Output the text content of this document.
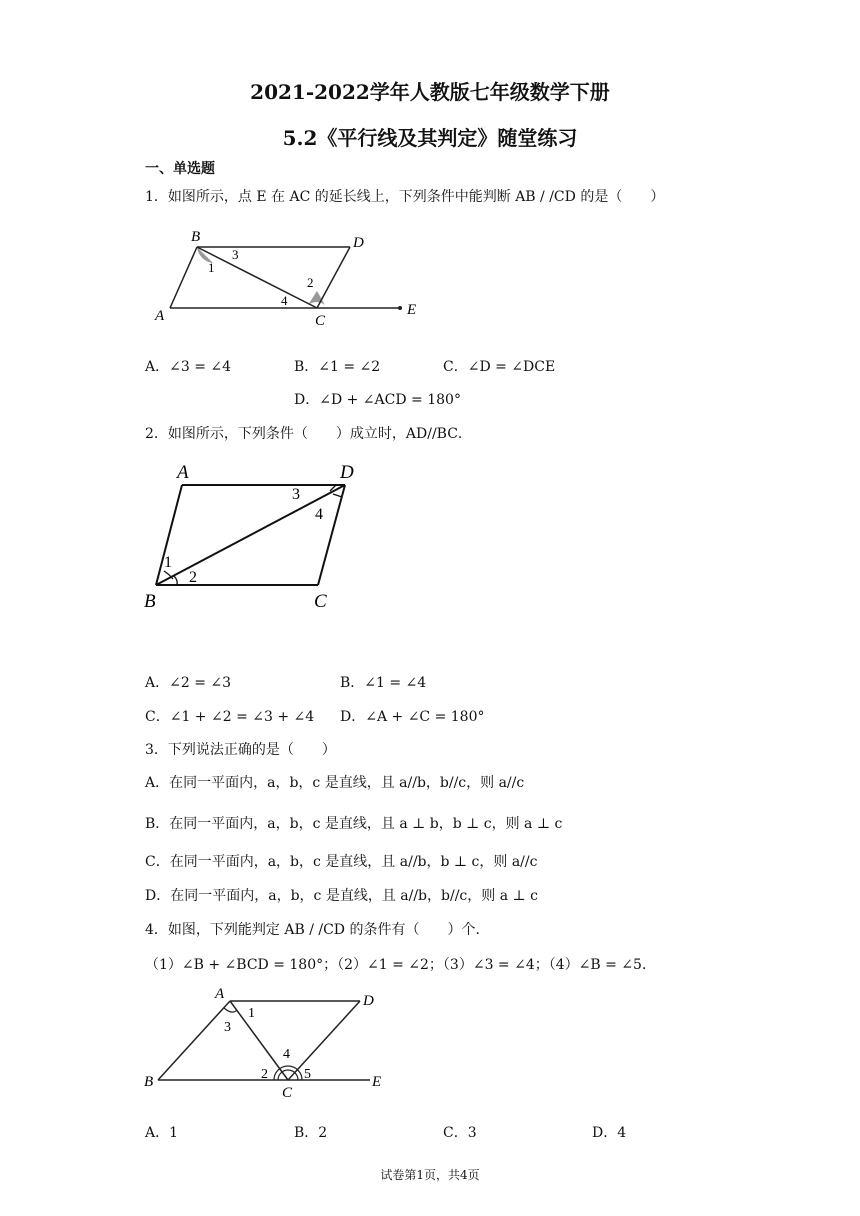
2021-2022学年人教版七年级数学下册
5.2《平行线及其判定》随堂练习
一、单选题
1．如图所示，点 E 在 AC 的延长线上，下列条件中能判断 AB / /CD 的是（　　）
B	D
A	C
E
1
3
2
4
A．∠3 = ∠4	B．∠1 = ∠2	C．∠D = ∠DCE
D．∠D + ∠ACD = 180°
2．如图所示，下列条件（　　）成立时，AD//BC．
A	D
B	C
1
2
3
4
A．∠2 = ∠3	B．∠1 = ∠4
C．∠1 + ∠2 = ∠3 + ∠4 D．∠A + ∠C = 180°
3．下列说法正确的是（　　）
A．在同一平面内，a，b，c 是直线，且 a//b，b//c，则 a//c
B．在同一平面内，a，b，c 是直线，且 a ⊥ b，b ⊥ c，则 a ⊥ c
C．在同一平面内，a，b，c 是直线，且 a//b，b ⊥ c，则 a//c
D．在同一平面内，a，b，c 是直线，且 a//b，b//c，则 a ⊥ c
4．如图，下列能判定 AB / /CD 的条件有（　　）个．
（1）∠B + ∠BCD = 180°；（2）∠1 = ∠2；（3）∠3 = ∠4；（4）∠B = ∠5．
A	D
B
C
E
1
3
4
2	5
A．1	B．2	C．3	D．4
试卷第1页，共4页
